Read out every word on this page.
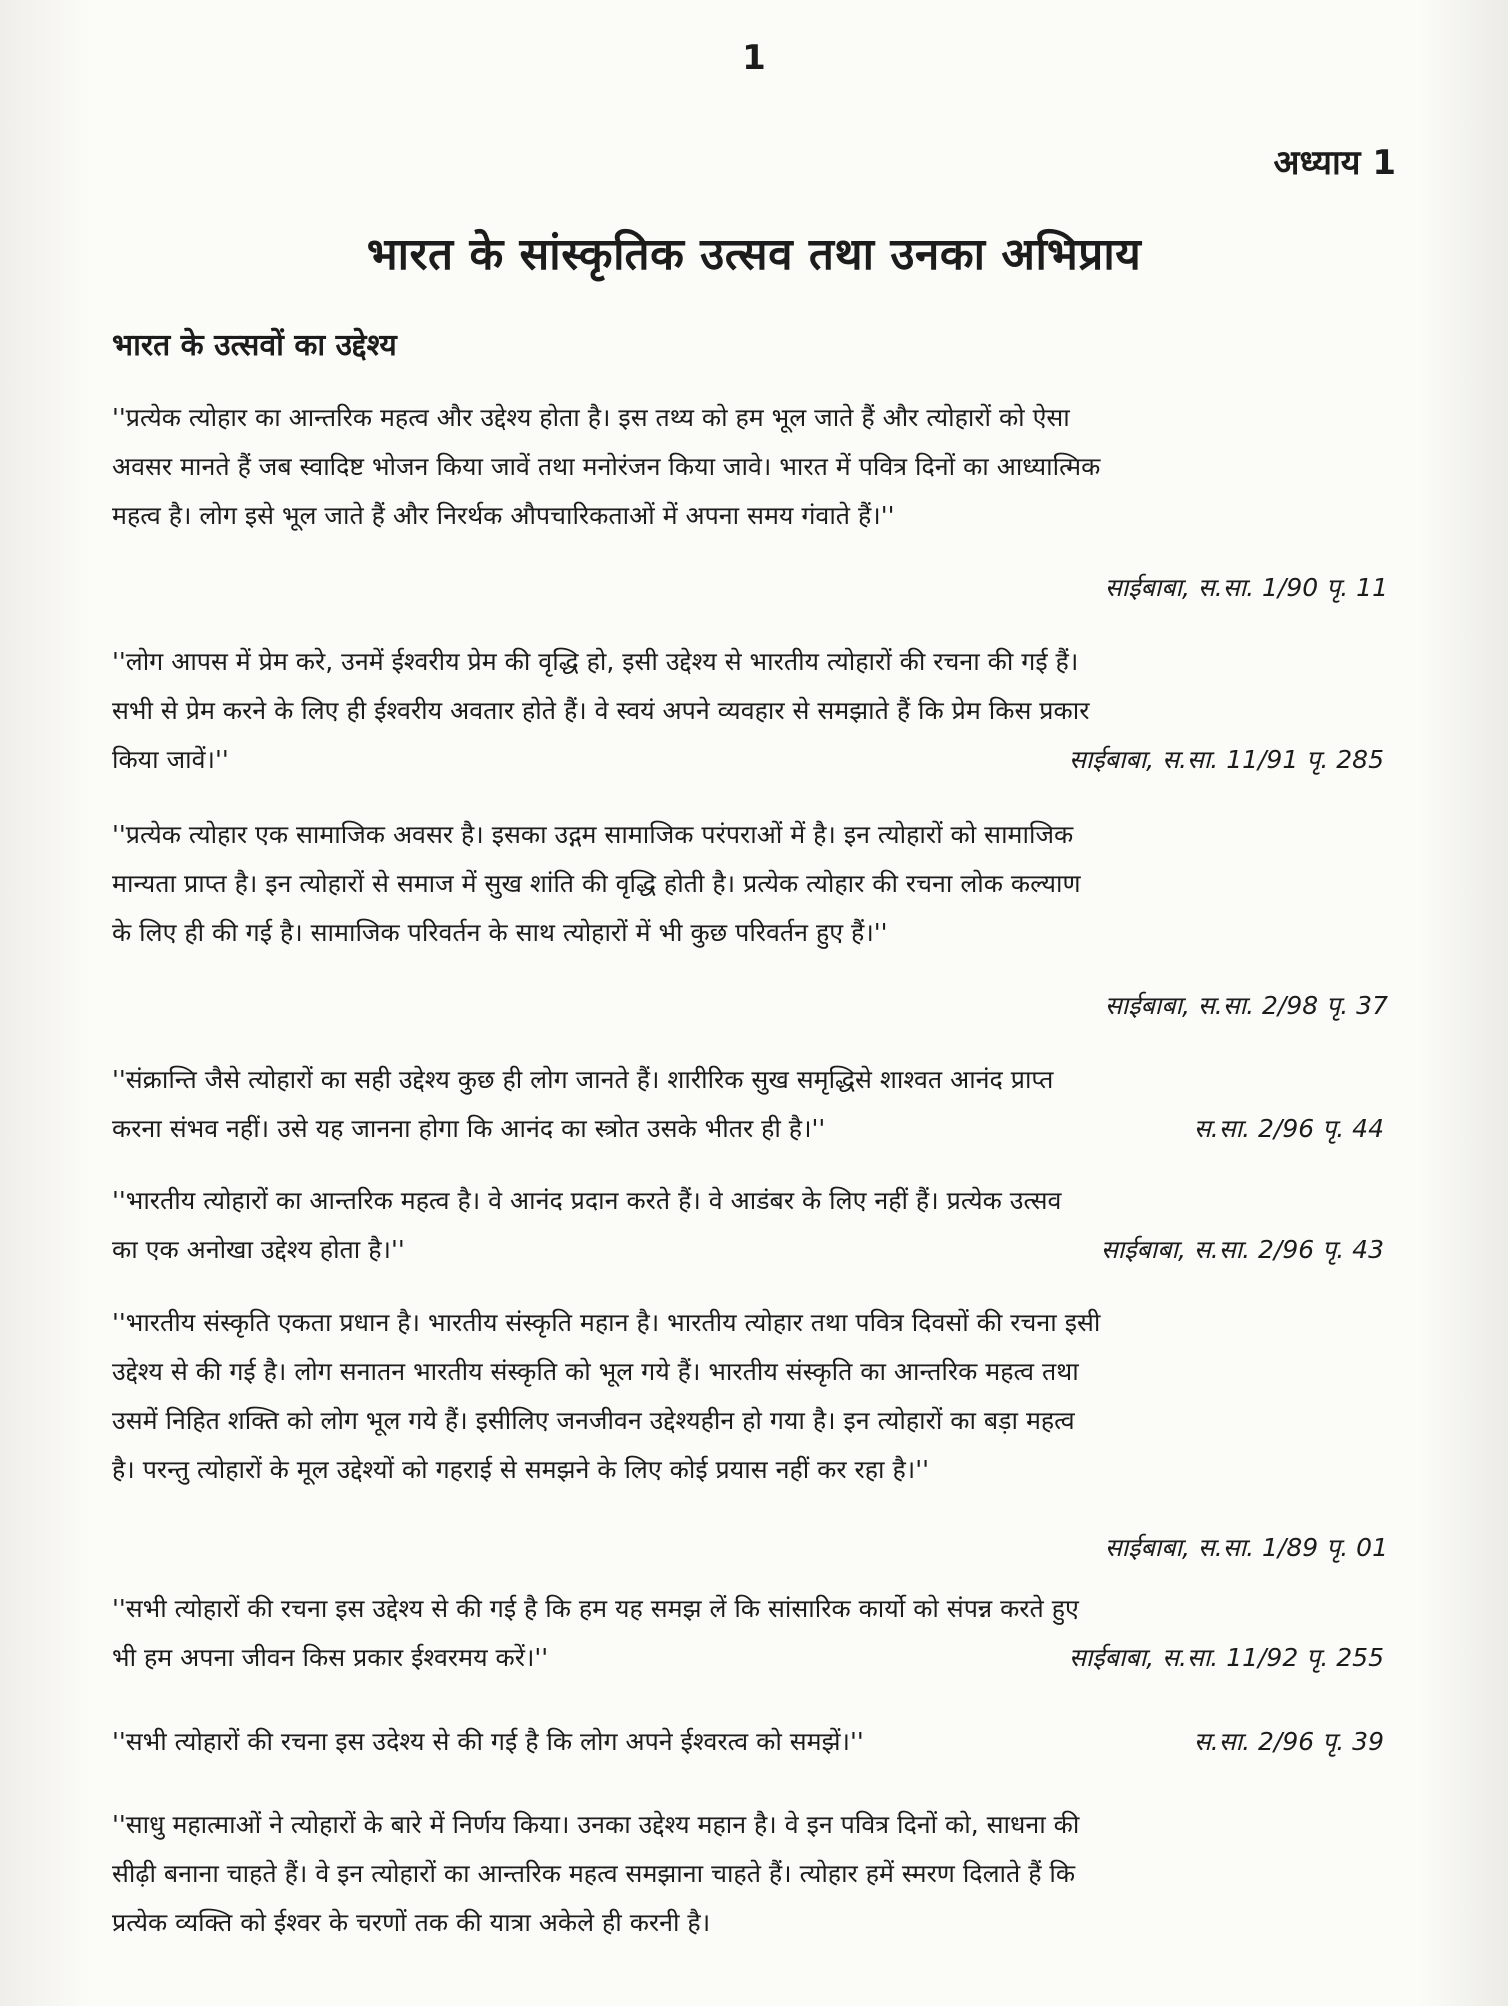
1
अध्याय 1
भारत के सांस्कृतिक उत्सव तथा उनका अभिप्राय
भारत के उत्सवों का उद्देश्य
''प्रत्येक त्योहार का आन्तरिक महत्व और उद्देश्य होता है। इस तथ्य को हम भूल जाते हैं और त्योहारों को ऐसा
अवसर मानते हैं जब स्वादिष्ट भोजन किया जावें तथा मनोरंजन किया जावे। भारत में पवित्र दिनों का आध्यात्मिक
महत्व है। लोग इसे भूल जाते हैं और निरर्थक औपचारिकताओं में अपना समय गंवाते हैं।''
साईबाबा, स.सा. 1/90 पृ. 11
''लोग आपस में प्रेम करे, उनमें ईश्वरीय प्रेम की वृद्धि हो, इसी उद्देश्य से भारतीय त्योहारों की रचना की गई हैं।
सभी से प्रेम करने के लिए ही ईश्वरीय अवतार होते हैं। वे स्वयं अपने व्यवहार से समझाते हैं कि प्रेम किस प्रकार
किया जावें।''	साईबाबा, स.सा. 11/91 पृ. 285
''प्रत्येक त्योहार एक सामाजिक अवसर है। इसका उद्गम सामाजिक परंपराओं में है। इन त्योहारों को सामाजिक
मान्यता प्राप्त है। इन त्योहारों से समाज में सुख शांति की वृद्धि होती है। प्रत्येक त्योहार की रचना लोक कल्याण
के लिए ही की गई है। सामाजिक परिवर्तन के साथ त्योहारों में भी कुछ परिवर्तन हुए हैं।''
साईबाबा, स.सा. 2/98 पृ. 37
''संक्रान्ति जैसे त्योहारों का सही उद्देश्य कुछ ही लोग जानते हैं। शारीरिक सुख समृद्धिसे शाश्वत आनंद प्राप्त
करना संभव नहीं। उसे यह जानना होगा कि आनंद का स्त्रोत उसके भीतर ही है।''	स.सा. 2/96 पृ. 44
''भारतीय त्योहारों का आन्तरिक महत्व है। वे आनंद प्रदान करते हैं। वे आडंबर के लिए नहीं हैं। प्रत्येक उत्सव
का एक अनोखा उद्देश्य होता है।''	साईबाबा, स.सा. 2/96 पृ. 43
''भारतीय संस्कृति एकता प्रधान है। भारतीय संस्कृति महान है। भारतीय त्योहार तथा पवित्र दिवसों की रचना इसी
उद्देश्य से की गई है। लोग सनातन भारतीय संस्कृति को भूल गये हैं। भारतीय संस्कृति का आन्तरिक महत्व तथा
उसमें निहित शक्ति को लोग भूल गये हैं। इसीलिए जनजीवन उद्देश्यहीन हो गया है। इन त्योहारों का बड़ा महत्व
है। परन्तु त्योहारों के मूल उद्देश्यों को गहराई से समझने के लिए कोई प्रयास नहीं कर रहा है।''
साईबाबा, स.सा. 1/89 पृ. 01
''सभी त्योहारों की रचना इस उद्देश्य से की गई है कि हम यह समझ लें कि सांसारिक कार्यो को संपन्न करते हुए
भी हम अपना जीवन किस प्रकार ईश्वरमय करें।''	साईबाबा, स.सा. 11/92 पृ. 255
''सभी त्योहारों की रचना इस उदेश्य से की गई है कि लोग अपने ईश्वरत्व को समझें।''	स.सा. 2/96 पृ. 39
''साधु महात्माओं ने त्योहारों के बारे में निर्णय किया। उनका उद्देश्य महान है। वे इन पवित्र दिनों को, साधना की
सीढ़ी बनाना चाहते हैं। वे इन त्योहारों का आन्तरिक महत्व समझाना चाहते हैं। त्योहार हमें स्मरण दिलाते हैं कि
प्रत्येक व्यक्ति को ईश्वर के चरणों तक की यात्रा अकेले ही करनी है।
